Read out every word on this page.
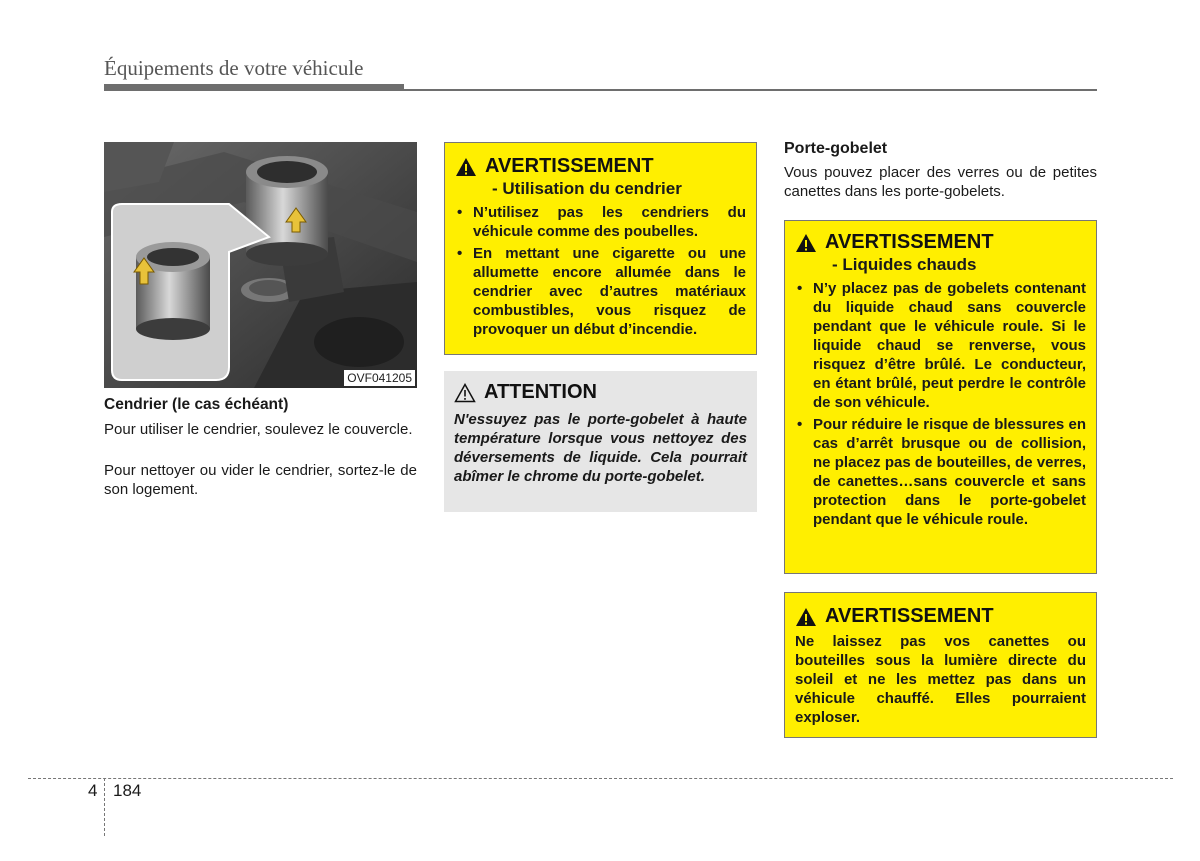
Équipements de votre véhicule
OVF041205
Cendrier (le cas échéant)

Pour utiliser le cendrier, soulevez le couvercle.

Pour nettoyer ou vider le cendrier, sortez-le de son logement.

AVERTISSEMENT
- Utilisation du cendrier
• N’utilisez pas les cendriers du véhicule comme des poubelles.
• En mettant une cigarette ou une allumette encore allumée dans le cendrier avec d’autres matériaux combustibles, vous risquez de provoquer un début d’incendie.
ATTENTION

N'essuyez pas le porte-gobelet à haute température lorsque vous nettoyez des déversements de liquide. Cela pourrait abîmer le chrome du porte-gobelet.

Porte-gobelet

Vous pouvez placer des verres ou de petites canettes dans les porte-gobelets.

AVERTISSEMENT
- Liquides chauds
• N’y placez pas de gobelets contenant du liquide chaud sans couvercle pendant que le véhicule roule. Si le liquide chaud se renverse, vous risquez d’être brûlé. Le conducteur, en étant brûlé, peut perdre le contrôle de son véhicule.
• Pour réduire le risque de blessures en cas d’arrêt brusque ou de collision, ne placez pas de bouteilles, de verres, de canettes…sans couvercle et sans protection dans le porte-gobelet pendant que le véhicule roule.
AVERTISSEMENT

Ne laissez pas vos canettes ou bouteilles sous la lumière directe du soleil et ne les mettez pas dans un véhicule chauffé. Elles pourraient exploser.

4 184
